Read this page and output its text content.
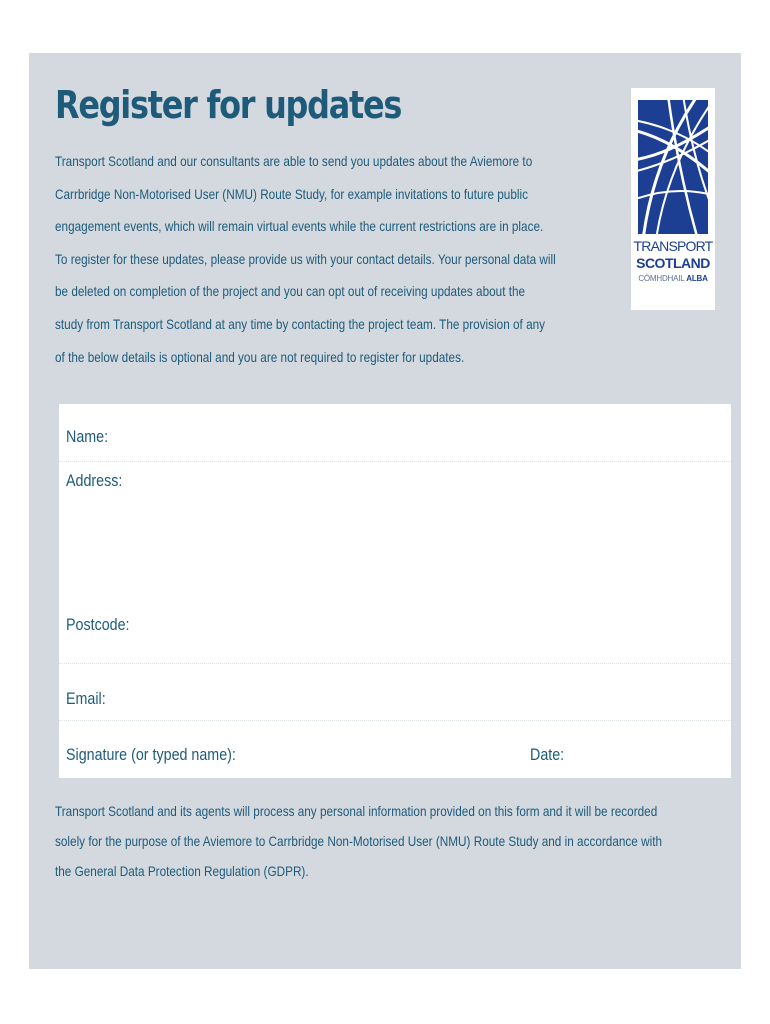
Register for updates
Transport Scotland and our consultants are able to send you updates about the Aviemore to
Carrbridge Non-Motorised User (NMU) Route Study, for example invitations to future public
engagement events, which will remain virtual events while the current restrictions are in place.
To register for these updates, please provide us with your contact details. Your personal data will
be deleted on completion of the project and you can opt out of receiving updates about the
study from Transport Scotland at any time by contacting the project team. The provision of any
of the below details is optional and you are not required to register for updates.
TRANSPORT
SCOTLAND
CÒMHDHAIL ALBA
Name:
Address:
Postcode:
Email:
Signature (or typed name):	Date:
Transport Scotland and its agents will process any personal information provided on this form and it will be recorded
solely for the purpose of the Aviemore to Carrbridge Non-Motorised User (NMU) Route Study and in accordance with
the General Data Protection Regulation (GDPR).
